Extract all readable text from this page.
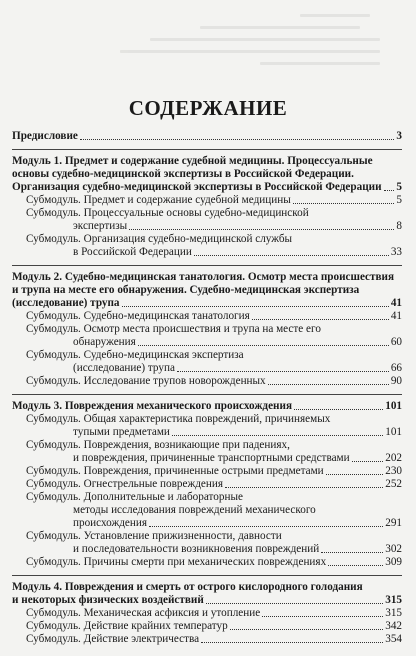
СОДЕРЖАНИЕ
Предисловие	3
Модуль 1. Предмет и содержание судебной медицины. Процессуальные
основы судебно-медицинской экспертизы в Российской Федерации.
Организация судебно-медицинской экспертизы в Российской Федерации 5
Субмодуль. Предмет и содержание судебной медицины	5
Субмодуль. Процессуальные основы судебно-медицинской
экспертизы	8
Субмодуль. Организация судебно-медицинской службы
в Российской Федерации	33
Модуль 2. Судебно-медицинская танатология. Осмотр места происшествия
и трупа на месте его обнаружения. Судебно-медицинская экспертиза
(исследование) трупа	41
Субмодуль. Судебно-медицинская танатология	41
Субмодуль. Осмотр места происшествия и трупа на месте его
обнаружения	60
Субмодуль. Судебно-медицинская экспертиза
(исследование) трупа	66
Субмодуль. Исследование трупов новорожденных	90
Модуль 3. Повреждения механического происхождения	101
Субмодуль. Общая характеристика повреждений, причиняемых
тупыми предметами	101
Субмодуль. Повреждения, возникающие при падениях,
и повреждения, причиненные транспортными средствами	202
Субмодуль. Повреждения, причиненные острыми предметами	230
Субмодуль. Огнестрельные повреждения	252
Субмодуль. Дополнительные и лабораторные
методы исследования повреждений механического
происхождения	291
Субмодуль. Установление прижизненности, давности
и последовательности возникновения повреждений	302
Субмодуль. Причины смерти при механических повреждениях	309
Модуль 4. Повреждения и смерть от острого кислородного голодания
и некоторых физических воздействий	315
Субмодуль. Механическая асфиксия и утопление	315
Субмодуль. Действие крайних температур	342
Субмодуль. Действие электричества	354
